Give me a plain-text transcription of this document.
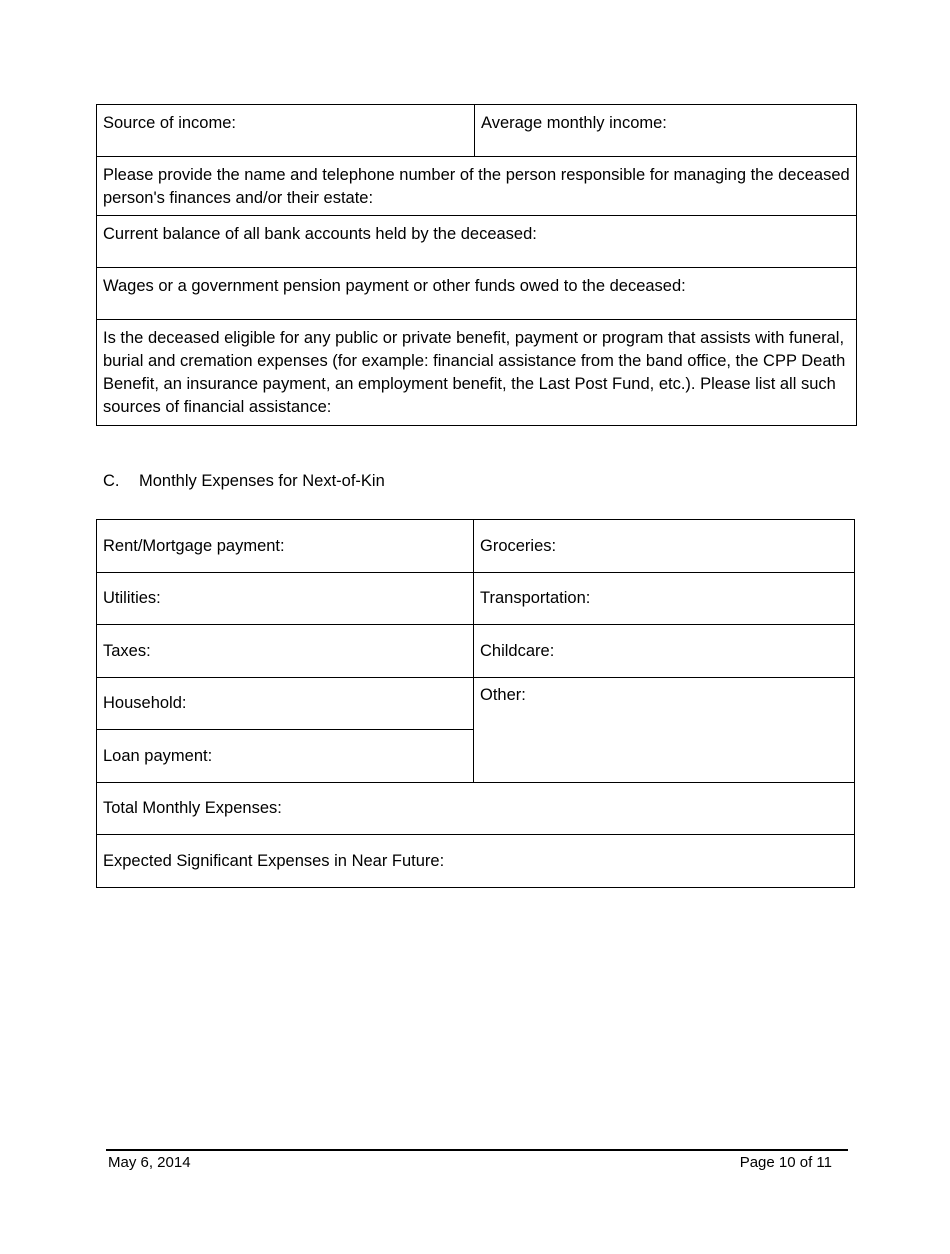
Source of income:	Average monthly income:
Please provide the name and telephone number of the person responsible for managing the deceased person's finances and/or their estate:
Current balance of all bank accounts held by the deceased:
Wages or a government pension payment or other funds owed to the deceased:
Is the deceased eligible for any public or private benefit, payment or program that assists with funeral, burial and cremation expenses (for example: financial assistance from the band office, the CPP Death Benefit, an insurance payment, an employment benefit, the Last Post Fund, etc.). Please list all such sources of financial assistance:
C. Monthly Expenses for Next-of-Kin
Rent/Mortgage payment:	Groceries:
Utilities:	Transportation:
Taxes:	Childcare:
Household:	Other:
Loan payment:	
Total Monthly Expenses:	
Expected Significant Expenses in Near Future:	
May 6, 2014	Page 10 of 11
